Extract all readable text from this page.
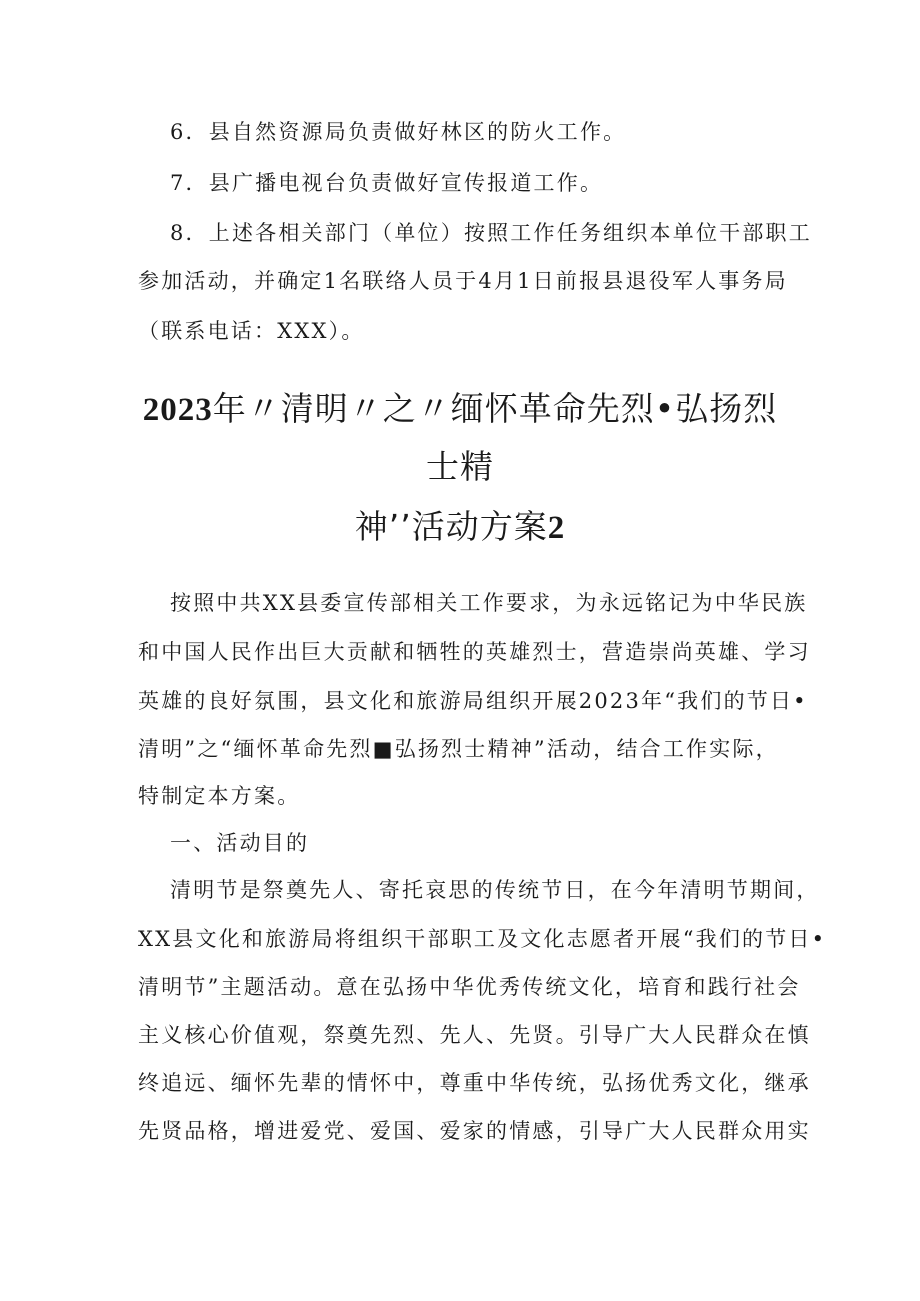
6．县自然资源局负责做好林区的防火工作。
7．县广播电视台负责做好宣传报道工作。
8．上述各相关部门（单位）按照工作任务组织本单位干部职工
参加活动，并确定1名联络人员于4月1日前报县退役军人事务局
（联系电话：XXX）。
2023年〃清明〃之〃缅怀革命先烈•弘扬烈
士精
神’’活动方案2
按照中共XX县委宣传部相关工作要求，为永远铭记为中华民族
和中国人民作出巨大贡献和牺牲的英雄烈士，营造崇尚英雄、学习
英雄的良好氛围，县文化和旅游局组织开展2023年“我们的节日•
清明”之“缅怀革命先烈■弘扬烈士精神”活动，结合工作实际，
特制定本方案。
一、活动目的
清明节是祭奠先人、寄托哀思的传统节日，在今年清明节期间，
XX县文化和旅游局将组织干部职工及文化志愿者开展“我们的节日•
清明节”主题活动。意在弘扬中华优秀传统文化，培育和践行社会
主义核心价值观，祭奠先烈、先人、先贤。引导广大人民群众在慎
终追远、缅怀先辈的情怀中，尊重中华传统，弘扬优秀文化，继承
先贤品格，增进爱党、爱国、爱家的情感，引导广大人民群众用实
